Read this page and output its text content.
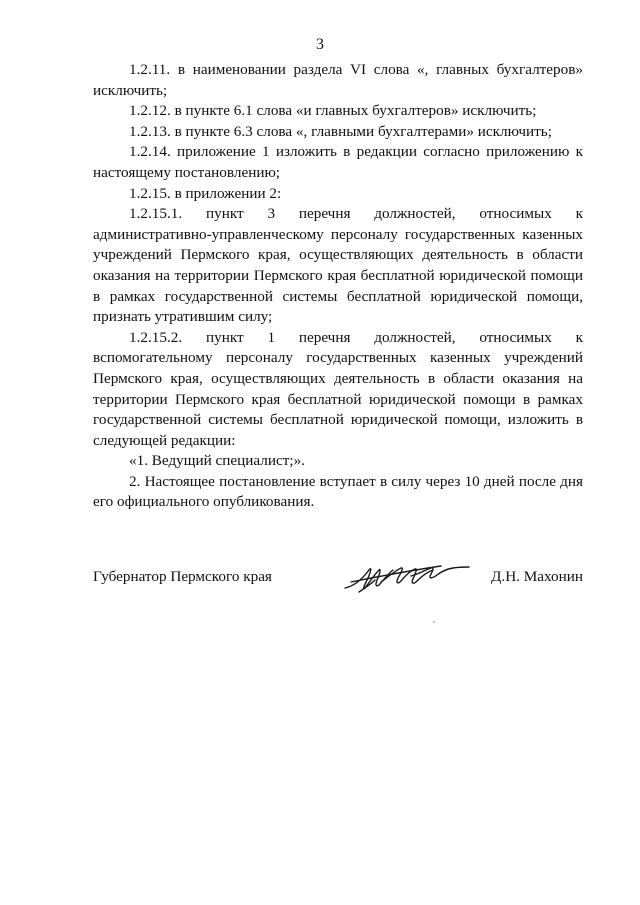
3

1.2.11. в наименовании раздела VI слова «, главных бухгалтеров» исключить;

1.2.12. в пункте 6.1 слова «и главных бухгалтеров» исключить;

1.2.13. в пункте 6.3 слова «, главными бухгалтерами» исключить;

1.2.14. приложение 1 изложить в редакции согласно приложению к настоящему постановлению;

1.2.15. в приложении 2:

1.2.15.1. пункт 3 перечня должностей, относимых к административно-управленческому персоналу государственных казенных учреждений Пермского края, осуществляющих деятельность в области оказания на территории Пермского края бесплатной юридической помощи в рамках государственной системы бесплатной юридической помощи, признать утратившим силу;

1.2.15.2. пункт 1 перечня должностей, относимых к вспомогательному персоналу государственных казенных учреждений Пермского края, осуществляющих деятельность в области оказания на территории Пермского края бесплатной юридической помощи в рамках государственной системы бесплатной юридической помощи, изложить в следующей редакции:

«1. Ведущий специалист;».

2. Настоящее постановление вступает в силу через 10 дней после дня его официального опубликования.

Губернатор Пермского края	Д.Н. Махонин
